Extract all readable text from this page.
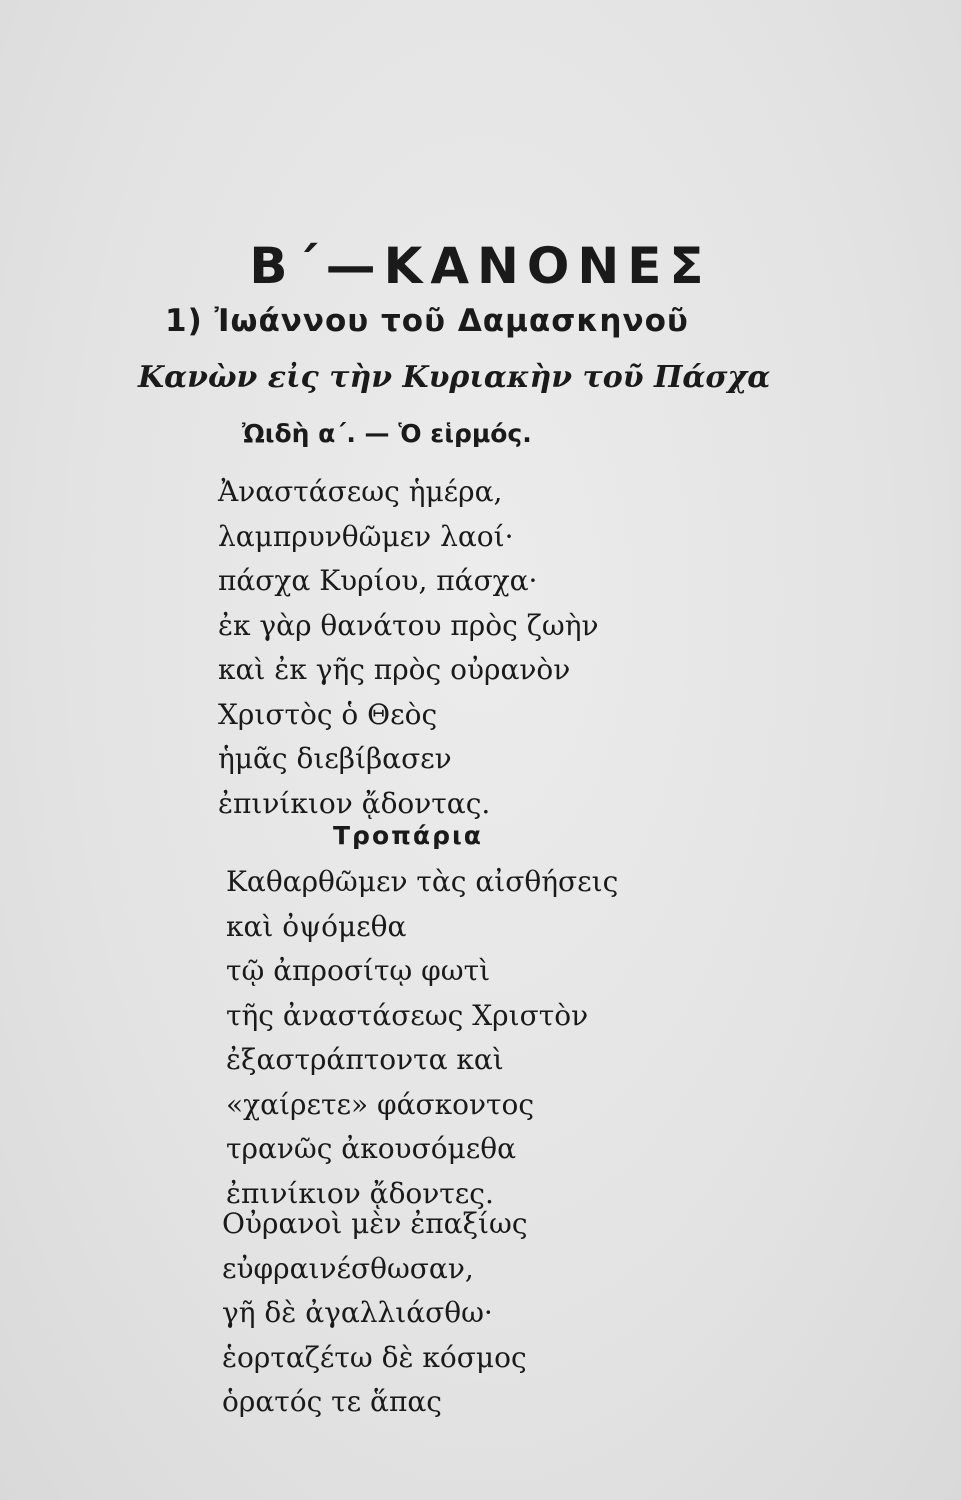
Β΄—ΚΑΝΟΝΕΣ
1) Ἰωάννου τοῦ Δαμασκηνοῦ
Κανὼν εἰς τὴν Κυριακὴν τοῦ Πάσχα
Ὠιδὴ α΄. — Ὁ εἱρμός.
Ἀναστάσεως ἡμέρα,
λαμπρυνθῶμεν λαοί·
πάσχα Κυρίου, πάσχα·
ἐκ γὰρ θανάτου πρὸς ζωὴν
καὶ ἐκ γῆς πρὸς οὐρανὸν
Χριστὸς ὁ Θεὸς
ἡμᾶς διεβίβασεν
ἐπινίκιον ᾄδοντας.
Τροπάρια
Καθαρθῶμεν τὰς αἰσθήσεις
καὶ ὀψόμεθα
τῷ ἀπροσίτῳ φωτὶ
τῆς ἀναστάσεως Χριστὸν
ἐξαστράπτοντα καὶ
«χαίρετε» φάσκοντος
τρανῶς ἀκουσόμεθα
ἐπινίκιον ᾄδοντες.
Οὐρανοὶ μὲν ἐπαξίως
εὐφραινέσθωσαν,
γῆ δὲ ἀγαλλιάσθω·
ἑορταζέτω δὲ κόσμος
ὁρατός τε ἅπας
